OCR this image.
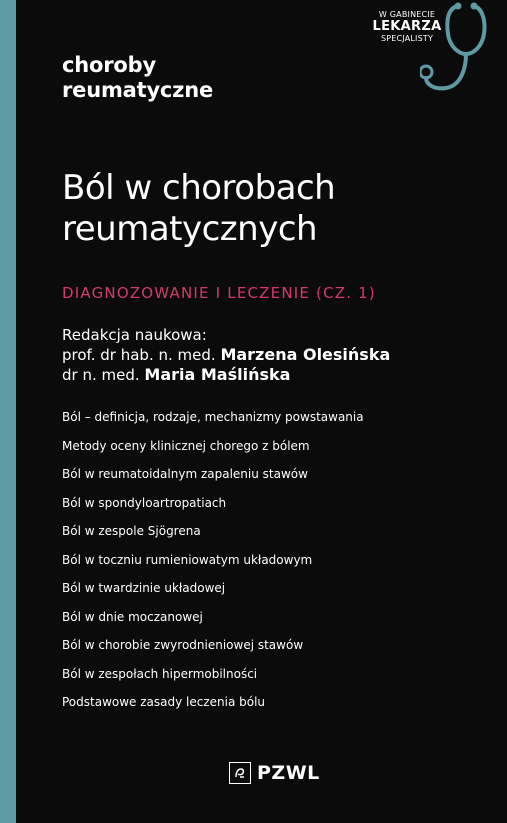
choroby
reumatyczne
W GABINECIE
LEKARZA
SPECJALISTY
Ból w chorobach
reumatycznych
DIAGNOZOWANIE I LECZENIE (CZ. 1)
Redakcja naukowa:
prof. dr hab. n. med. Marzena Olesińska
dr n. med. Maria Maślińska
Ból – definicja, rodzaje, mechanizmy powstawania
Metody oceny klinicznej chorego z bólem
Ból w reumatoidalnym zapaleniu stawów
Ból w spondyloartropatiach
Ból w zespole Sjögrena
Ból w toczniu rumieniowatym układowym
Ból w twardzinie układowej
Ból w dnie moczanowej
Ból w chorobie zwyrodnieniowej stawów
Ból w zespołach hipermobilności
Podstawowe zasady leczenia bólu
PZWL
